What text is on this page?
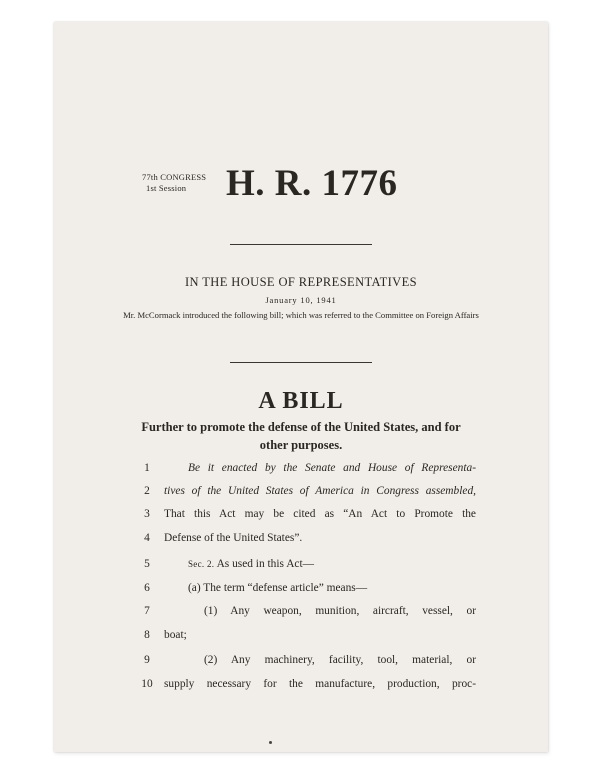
77th CONGRESS
1st Session	H. R. 1776
IN THE HOUSE OF REPRESENTATIVES
January 10, 1941
Mr. McCormack introduced the following bill; which was referred to the Committee on Foreign Affairs
A BILL
Further to promote the defense of the United States, and for other purposes.
1	Be it enacted by the Senate and House of Representa-
2	tives of the United States of America in Congress assembled,
3	That this Act may be cited as “An Act to Promote the
4	Defense of the United States”.
5	Sec. 2. As used in this Act—
6	(a) The term “defense article” means—
7	(1) Any weapon, munition, aircraft, vessel, or
8	boat;
9	(2) Any machinery, facility, tool, material, or
10 supply necessary for the manufacture, production, proc-
